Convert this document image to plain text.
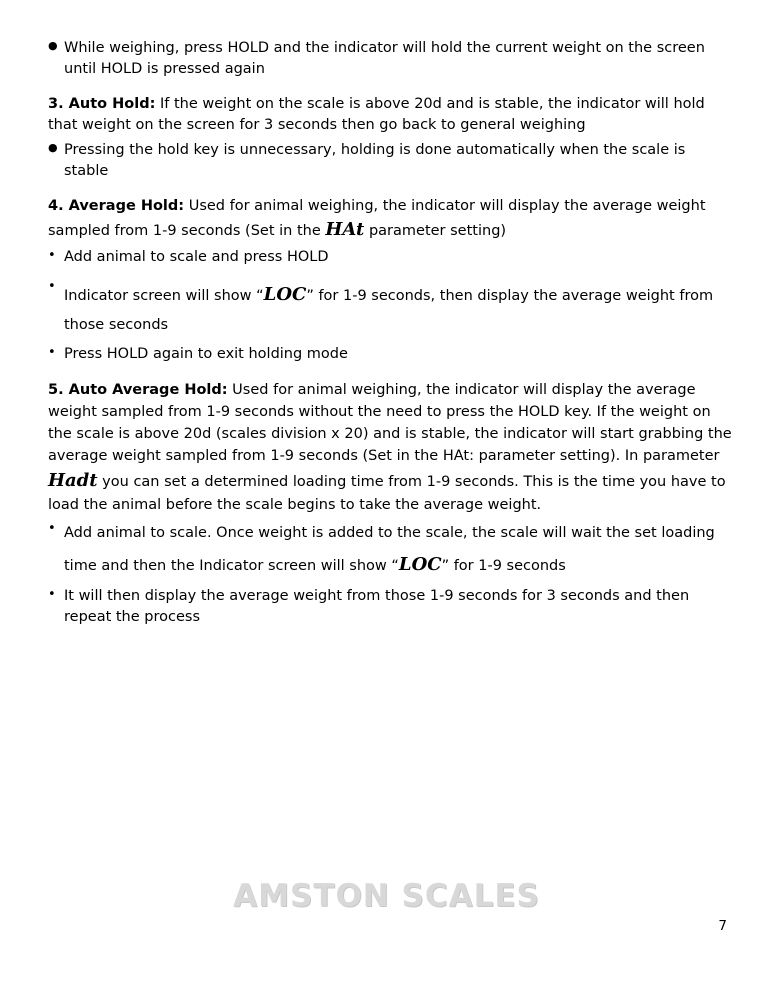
● While weighing, press HOLD and the indicator will hold the current weight on the screen until HOLD is pressed again

3. Auto Hold: If the weight on the scale is above 20d and is stable, the indicator will hold that weight on the screen for 3 seconds then go back to general weighing

● Pressing the hold key is unnecessary, holding is done automatically when the scale is stable

4. Average Hold: Used for animal weighing, the indicator will display the average weight sampled from 1-9 seconds (Set in the HAt parameter setting)

• Add animal to scale and press HOLD
•
Indicator screen will show “LOC” for 1-9 seconds, then display the average weight from those seconds
• Press HOLD again to exit holding mode

5. Auto Average Hold: Used for animal weighing, the indicator will display the average weight sampled from 1-9 seconds without the need to press the HOLD key. If the weight on the scale is above 20d (scales division x 20) and is stable, the indicator will start grabbing the average weight sampled from 1-9 seconds (Set in the HAt: parameter setting). In parameter Hadt you can set a determined loading time from 1-9 seconds. This is the time you have to load the animal before the scale begins to take the average weight.

• Add animal to scale. Once weight is added to the scale, the scale will wait the set loading time and then the Indicator screen will show “LOC” for 1-9 seconds
• It will then display the average weight from those 1-9 seconds for 3 seconds and then repeat the process
AMSTON SCALES
7
